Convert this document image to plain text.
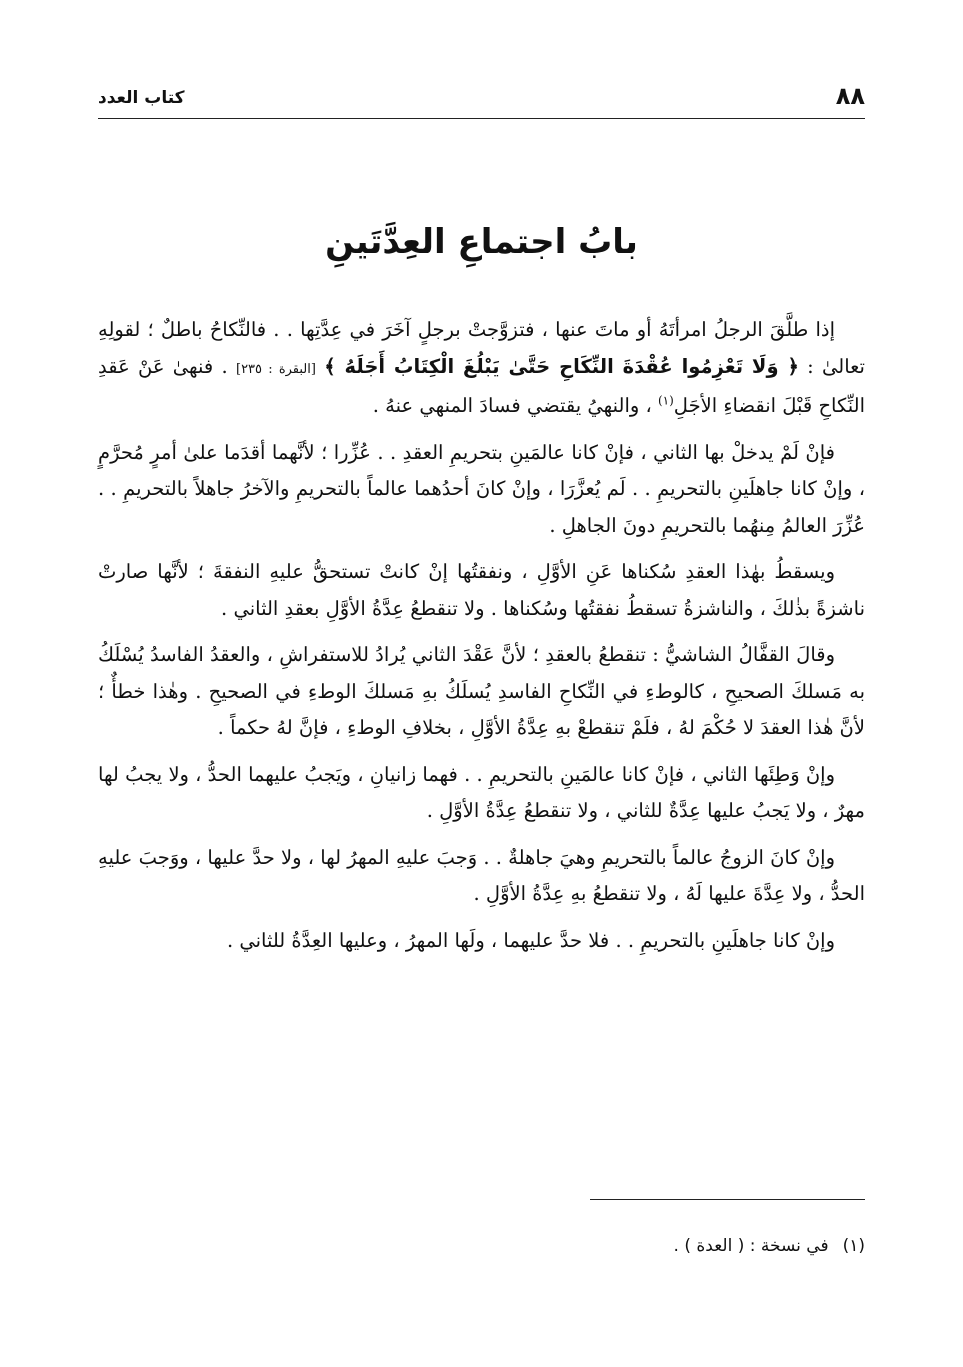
٨٨
كتاب العدد
بابُ اجتماعِ العِدَّتَينِ

إذا طلَّقَ الرجلُ امرأتَهُ أو ماتَ عنها ، فتزوَّجتْ برجلٍ آخَرَ في عِدَّتِها . . فالنِّكاحُ باطلٌ ؛ لقولِهِ تعالىٰ : ﴿ وَلَا تَعْزِمُوا عُقْدَةَ النِّكَاحِ حَتَّىٰ يَبْلُغَ الْكِتَابُ أَجَلَهُ ﴾ [البقرة : ٢٣٥] . فنهىٰ عَنْ عَقدِ النِّكاحِ قَبْلَ انقضاءِ الأجَلِ$^{(١)}$ ، والنهيُ يقتضي فسادَ المنهي عنهُ .

فإنْ لَمْ يدخلْ بها الثاني ، فإنْ كانا عالمَينِ بتحريمِ العقدِ . . عُزِّرا ؛ لأنَّهما أقدَما علىٰ أمرٍ مُحرَّمٍ ، وإنْ كانا جاهلَينِ بالتحريمِ . . لَم يُعزَّرَا ، وإنْ كانَ أحدُهما عالماً بالتحريمِ والآخرُ جاهلاً بالتحريمِ . . عُزِّرَ العالمُ مِنهُما بالتحريمِ دونَ الجاهلِ .

ويسقطُ بهٰذا العقدِ سُكناها عَنِ الأوَّلِ ، ونفقتُها إنْ كانتْ تستحقُّ عليهِ النفقةَ ؛ لأنَّها صارتْ ناشزةً بذٰلكَ ، والناشزةُ تسقطُ نفقتُها وسُكناها . ولا تنقطعُ عِدَّةُ الأوَّلِ بعقدِ الثاني .

وقالَ القفَّالُ الشاشيُّ : تنقطعُ بالعقدِ ؛ لأنَّ عَقْدَ الثاني يُرادُ للاستفراشِ ، والعقدُ الفاسدُ يُسْلَكُ به مَسلكَ الصحيحِ ، كالوطءِ في النِّكاحِ الفاسدِ يُسلَكُ بهِ مَسلكَ الوطءِ في الصحيحِ . وهٰذا خطأٌ ؛ لأنَّ هٰذا العقدَ لا حُكْمَ لهُ ، فلَمْ تنقطعْ بهِ عِدَّةُ الأوَّلِ ، بخلافِ الوطءِ ، فإنَّ لهُ حكماً .

وإنْ وَطِئَها الثاني ، فإنْ كانا عالمَينِ بالتحريمِ . . فهما زانيانِ ، ويَجبُ عليهما الحدُّ ، ولا يجبُ لها مهرٌ ، ولا يَجبُ عليها عِدَّةٌ للثاني ، ولا تنقطعُ عِدَّةُ الأوَّلِ .

وإنْ كانَ الزوجُ عالماً بالتحريمِ وهيَ جاهلةٌ . . وَجبَ عليهِ المهرُ لها ، ولا حدَّ عليها ، ووَجبَ عليهِ الحدُّ ، ولا عِدَّةَ عليها لَهُ ، ولا تنقطعُ بهِ عِدَّةُ الأوَّلِ .

وإنْ كانا جاهلَينِ بالتحريمِ . . فلا حدَّ عليهما ، ولَها المهرُ ، وعليها العِدَّةُ للثاني .

(١)في نسخة : ( العدة ) .
